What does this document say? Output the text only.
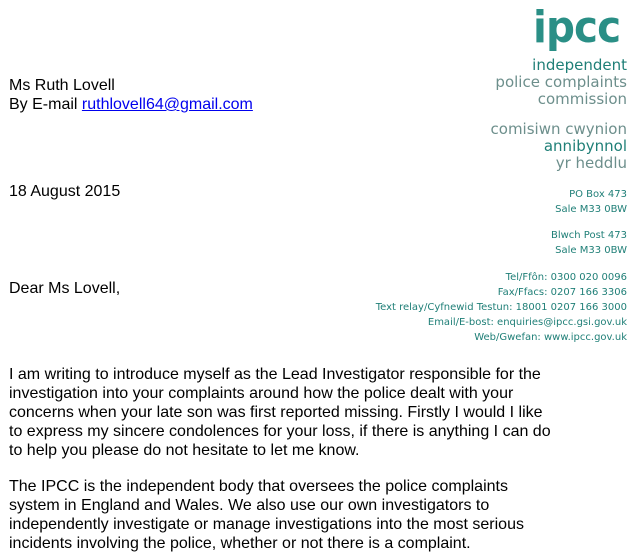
ipcc
independent
police complaints
commission
comisiwn cwynion
annibynnol
yr heddlu
PO Box 473
Sale M33 0BW
Blwch Post 473
Sale M33 0BW
Tel/Ffôn: 0300 020 0096
Fax/Ffacs: 0207 166 3306
Text relay/Cyfnewid Testun: 18001 0207 166 3000
Email/E-bost: enquiries@ipcc.gsi.gov.uk
Web/Gwefan: www.ipcc.gov.uk
Ms Ruth Lovell
By E-mail ruthlovell64@gmail.com
18 August 2015
Dear Ms Lovell,
I am writing to introduce myself as the Lead Investigator responsible for the
investigation into your complaints around how the police dealt with your
concerns when your late son was first reported missing. Firstly I would I like
to express my sincere condolences for your loss, if there is anything I can do
to help you please do not hesitate to let me know.
The IPCC is the independent body that oversees the police complaints
system in England and Wales. We also use our own investigators to
independently investigate or manage investigations into the most serious
incidents involving the police, whether or not there is a complaint.
